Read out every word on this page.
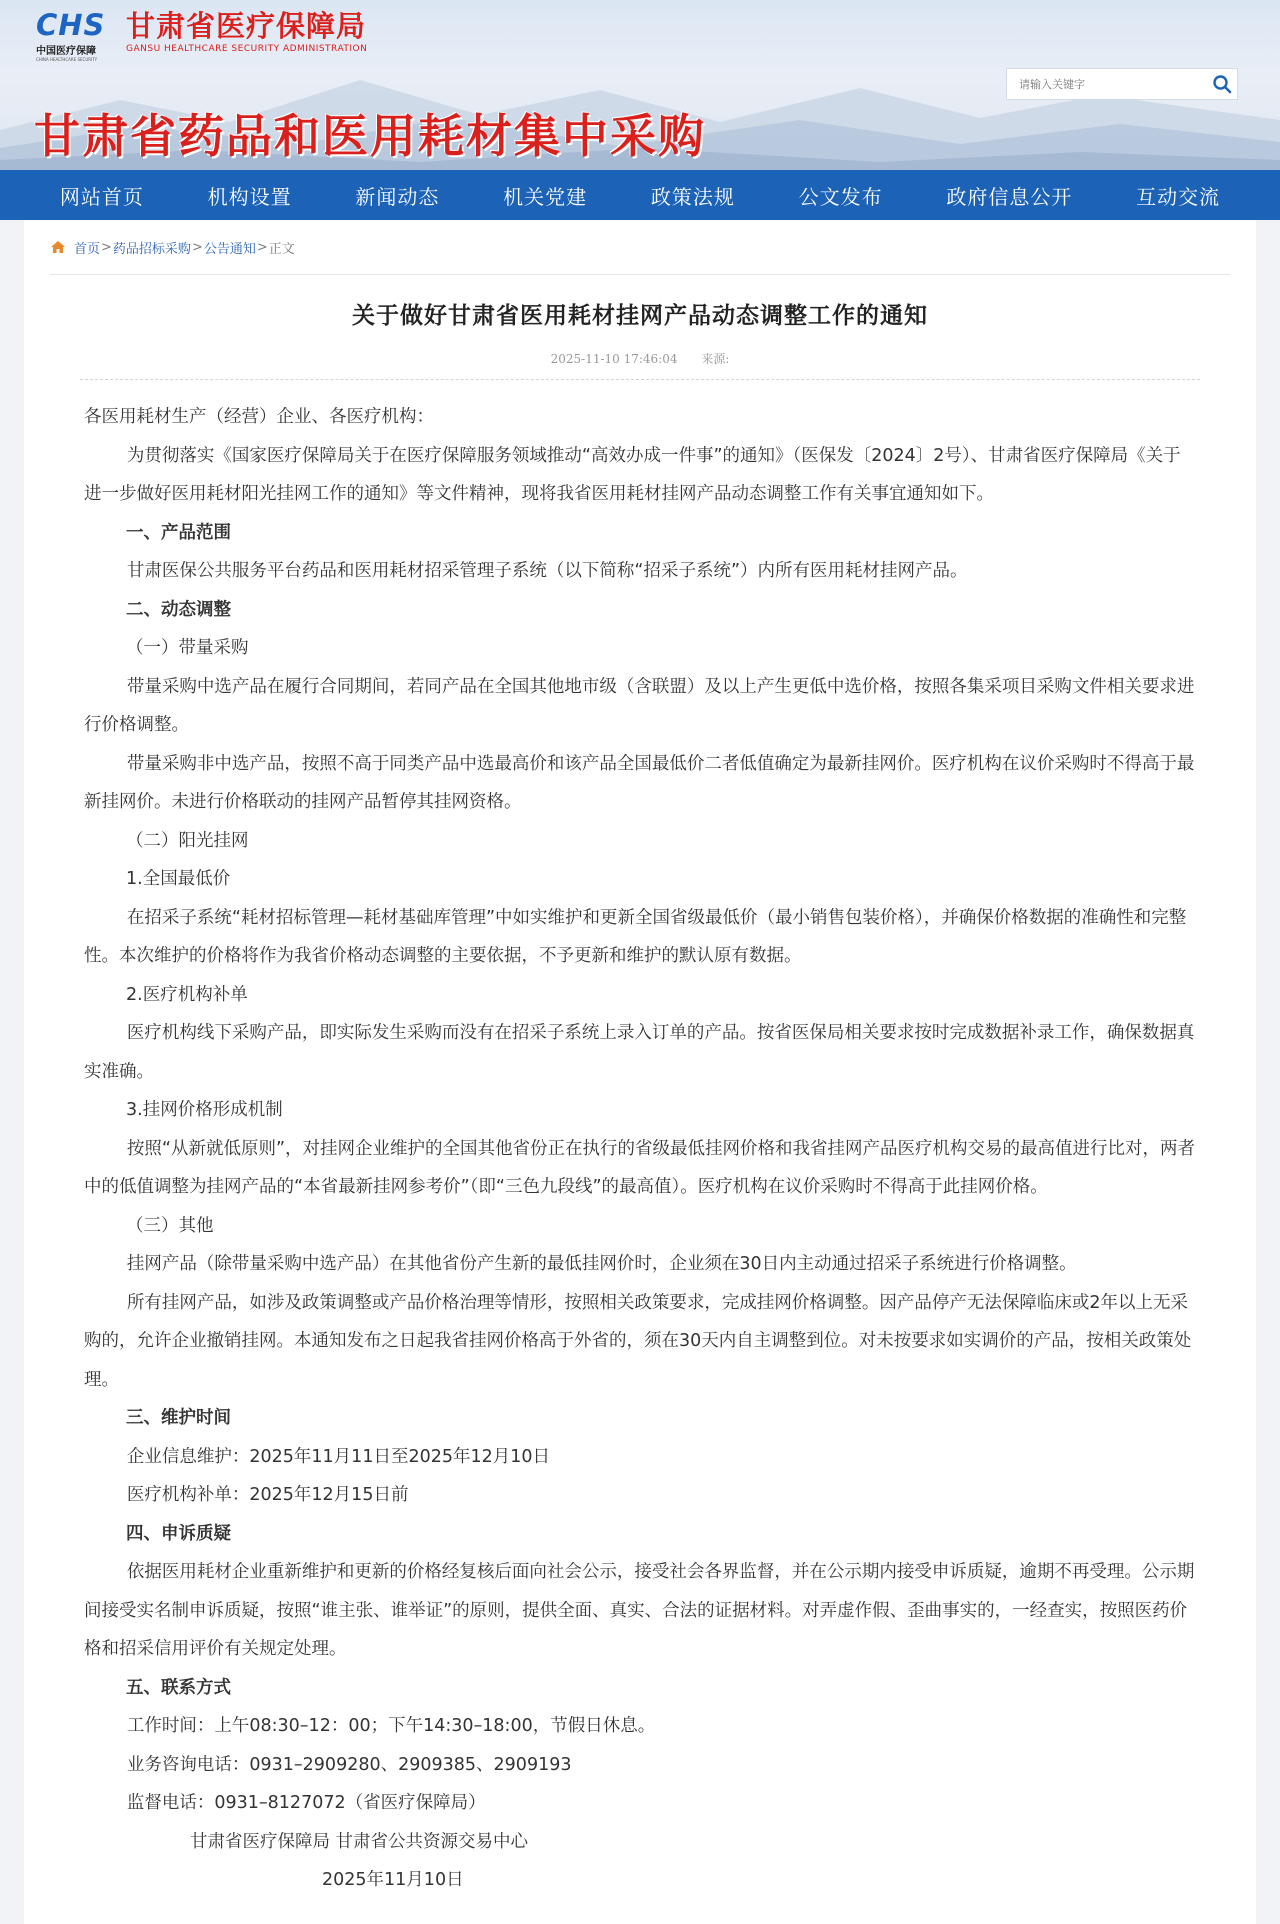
CHS
中国医疗保障
CHINA HEALTHCARE SECURITY
甘肃省医疗保障局
GANSU HEALTHCARE SECURITY ADMINISTRATION
甘肃省药品和医用耗材集中采购
请输入关键字
网站首页	机构设置	新闻动态	机关党建	政策法规	公文发布	政府信息公开	互动交流
首页 > 药品招标采购 > 公告通知 > 正文
关于做好甘肃省医用耗材挂网产品动态调整工作的通知
2025-11-10 17:46:04 来源:

各医用耗材生产（经营）企业、各医疗机构：

为贯彻落实《国家医疗保障局关于在医疗保障服务领域推动“高效办成一件事”的通知》（医保发〔2024〕2号）、甘肃省医疗保障局《关于进一步做好医用耗材阳光挂网工作的通知》等文件精神，现将我省医用耗材挂网产品动态调整工作有关事宜通知如下。

一、产品范围

甘肃医保公共服务平台药品和医用耗材招采管理子系统（以下简称“招采子系统”）内所有医用耗材挂网产品。

二、动态调整

（一）带量采购

带量采购中选产品在履行合同期间，若同产品在全国其他地市级（含联盟）及以上产生更低中选价格，按照各集采项目采购文件相关要求进行价格调整。

带量采购非中选产品，按照不高于同类产品中选最高价和该产品全国最低价二者低值确定为最新挂网价。医疗机构在议价采购时不得高于最新挂网价。未进行价格联动的挂网产品暂停其挂网资格。

（二）阳光挂网

1.全国最低价

在招采子系统“耗材招标管理—耗材基础库管理”中如实维护和更新全国省级最低价（最小销售包装价格），并确保价格数据的准确性和完整性。本次维护的价格将作为我省价格动态调整的主要依据，不予更新和维护的默认原有数据。

2.医疗机构补单

医疗机构线下采购产品，即实际发生采购而没有在招采子系统上录入订单的产品。按省医保局相关要求按时完成数据补录工作，确保数据真实准确。

3.挂网价格形成机制

按照“从新就低原则”，对挂网企业维护的全国其他省份正在执行的省级最低挂网价格和我省挂网产品医疗机构交易的最高值进行比对，两者中的低值调整为挂网产品的“本省最新挂网参考价”（即“三色九段线”的最高值）。医疗机构在议价采购时不得高于此挂网价格。

（三）其他

挂网产品（除带量采购中选产品）在其他省份产生新的最低挂网价时，企业须在30日内主动通过招采子系统进行价格调整。

所有挂网产品，如涉及政策调整或产品价格治理等情形，按照相关政策要求，完成挂网价格调整。因产品停产无法保障临床或2年以上无采购的，允许企业撤销挂网。本通知发布之日起我省挂网价格高于外省的，须在30天内自主调整到位。对未按要求如实调价的产品，按相关政策处理。

三、维护时间

企业信息维护：2025年11月11日至2025年12月10日

医疗机构补单：2025年12月15日前

四、申诉质疑

依据医用耗材企业重新维护和更新的价格经复核后面向社会公示，接受社会各界监督，并在公示期内接受申诉质疑，逾期不再受理。公示期间接受实名制申诉质疑，按照“谁主张、谁举证”的原则，提供全面、真实、合法的证据材料。对弄虚作假、歪曲事实的，一经查实，按照医药价格和招采信用评价有关规定处理。

五、联系方式

工作时间：上午08:30–12：00；下午14:30–18:00，节假日休息。

业务咨询电话：0931–2909280、2909385、2909193

监督电话：0931–8127072（省医疗保障局）

甘肃省医疗保障局 甘肃省公共资源交易中心

2025年11月10日
